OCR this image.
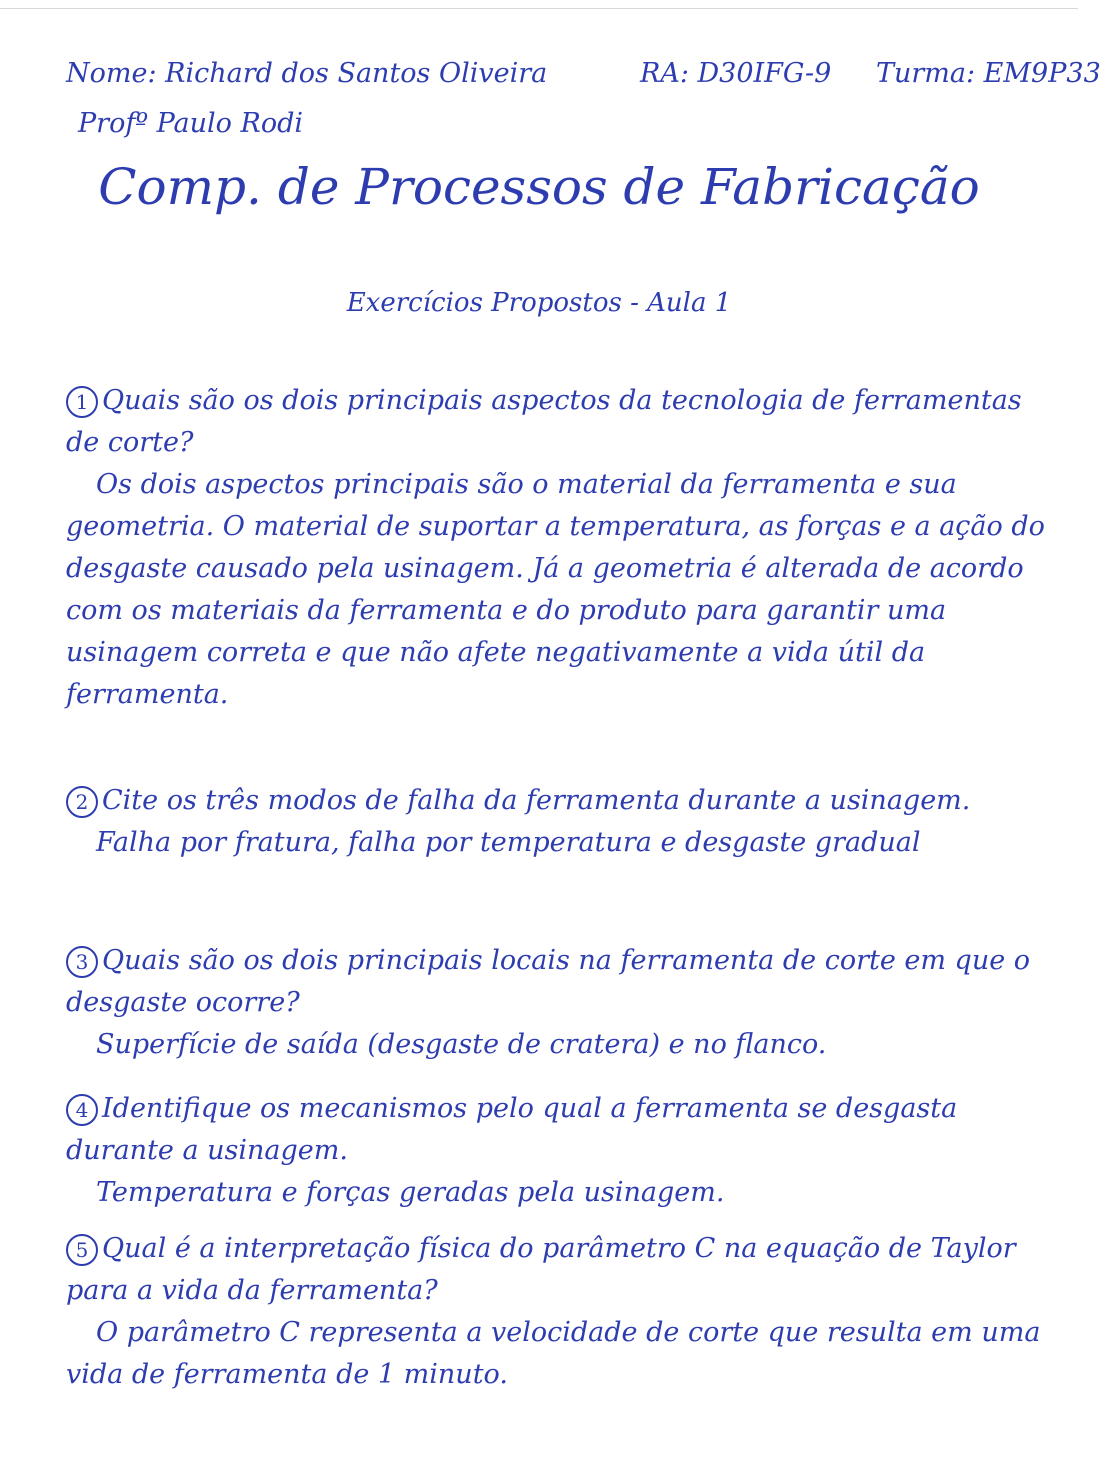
Nome: Richard dos Santos Oliveira	RA: D30IFG-9 Turma: EM9P33
Profº Paulo Rodi
Comp. de Processos de Fabricação
Exercícios Propostos - Aula 1

1 Quais são os dois principais aspectos da tecnologia de ferramentas de corte?

Os dois aspectos principais são o material da ferramenta e sua geometria. O material de suportar a temperatura, as forças e a ação do desgaste causado pela usinagem. Já a geometria é alterada de acordo com os materiais da ferramenta e do produto para garantir uma usinagem correta e que não afete negativamente a vida útil da ferramenta.

2 Cite os três modos de falha da ferramenta durante a usinagem.

Falha por fratura, falha por temperatura e desgaste gradual

3 Quais são os dois principais locais na ferramenta de corte em que o desgaste ocorre?

Superfície de saída (desgaste de cratera) e no flanco.

4 Identifique os mecanismos pelo qual a ferramenta se desgasta durante a usinagem.

Temperatura e forças geradas pela usinagem.

5 Qual é a interpretação física do parâmetro C na equação de Taylor para a vida da ferramenta?

O parâmetro C representa a velocidade de corte que resulta em uma vida de ferramenta de 1 minuto.
